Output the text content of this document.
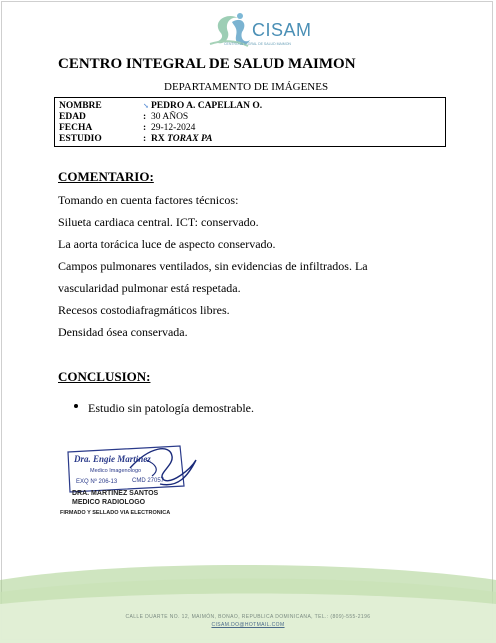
CISAM
CENTRO INTEGRAL DE SALUD MAIMON
CENTRO INTEGRAL DE SALUD MAIMON
DEPARTAMENTO DE IMÁGENES
NOMBRE	↘ PEDRO A. CAPELLAN O.
EDAD	: 30 AÑOS
FECHA	: 29-12-2024
ESTUDIO	: RX TORAX PA
COMENTARIO:
Tomando en cuenta factores técnicos:
Silueta cardiaca central. ICT: conservado.
La aorta torácica luce de aspecto conservado.
Campos pulmonares ventilados, sin evidencias de infiltrados. La
vascularidad pulmonar está respetada.
Recesos costodiafragmáticos libres.
Densidad ósea conservada.
CONCLUSION:
Estudio sin patología demostrable.
Dra. Engie Martinez
Medico Imagenologo
EXQ Nº 206-13 CMD 27057
DRA. MARTINEZ SANTOS
MEDICO RADIOLOGO
FIRMADO Y SELLADO VIA ELECTRONICA
CALLE DUARTE NO. 12, MAIMÓN, BONAO, REPUBLICA DOMINICANA, TEL.: (809)-555-2196
CISAM.DO@HOTMAIL.COM
